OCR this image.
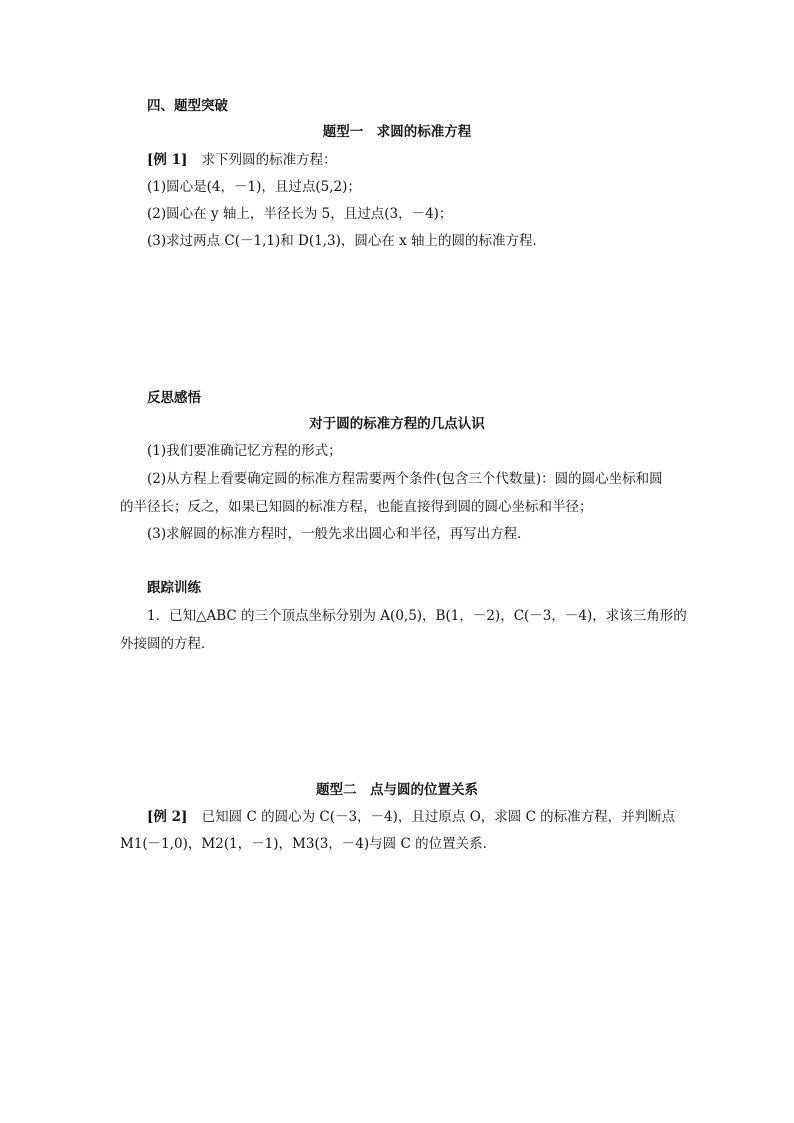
四、题型突破
题型一　求圆的标准方程
[例 1] 求下列圆的标准方程：
(1)圆心是(4，－1)，且过点(5,2)；
(2)圆心在 y 轴上，半径长为 5，且过点(3，－4)；
(3)求过两点 C(－1,1)和 D(1,3)，圆心在 x 轴上的圆的标准方程．
反思感悟
对于圆的标准方程的几点认识
(1)我们要准确记忆方程的形式；
(2)从方程上看要确定圆的标准方程需要两个条件(包含三个代数量)：圆的圆心坐标和圆
的半径长；反之，如果已知圆的标准方程，也能直接得到圆的圆心坐标和半径；
(3)求解圆的标准方程时，一般先求出圆心和半径，再写出方程．
跟踪训练
1．已知△ABC 的三个顶点坐标分别为 A(0,5)，B(1，－2)，C(－3，－4)，求该三角形的
外接圆的方程．
题型二　点与圆的位置关系
[例 2] 已知圆 C 的圆心为 C(－3，－4)，且过原点 O，求圆 C 的标准方程，并判断点
M1(－1,0)，M2(1，－1)，M3(3，－4)与圆 C 的位置关系．
